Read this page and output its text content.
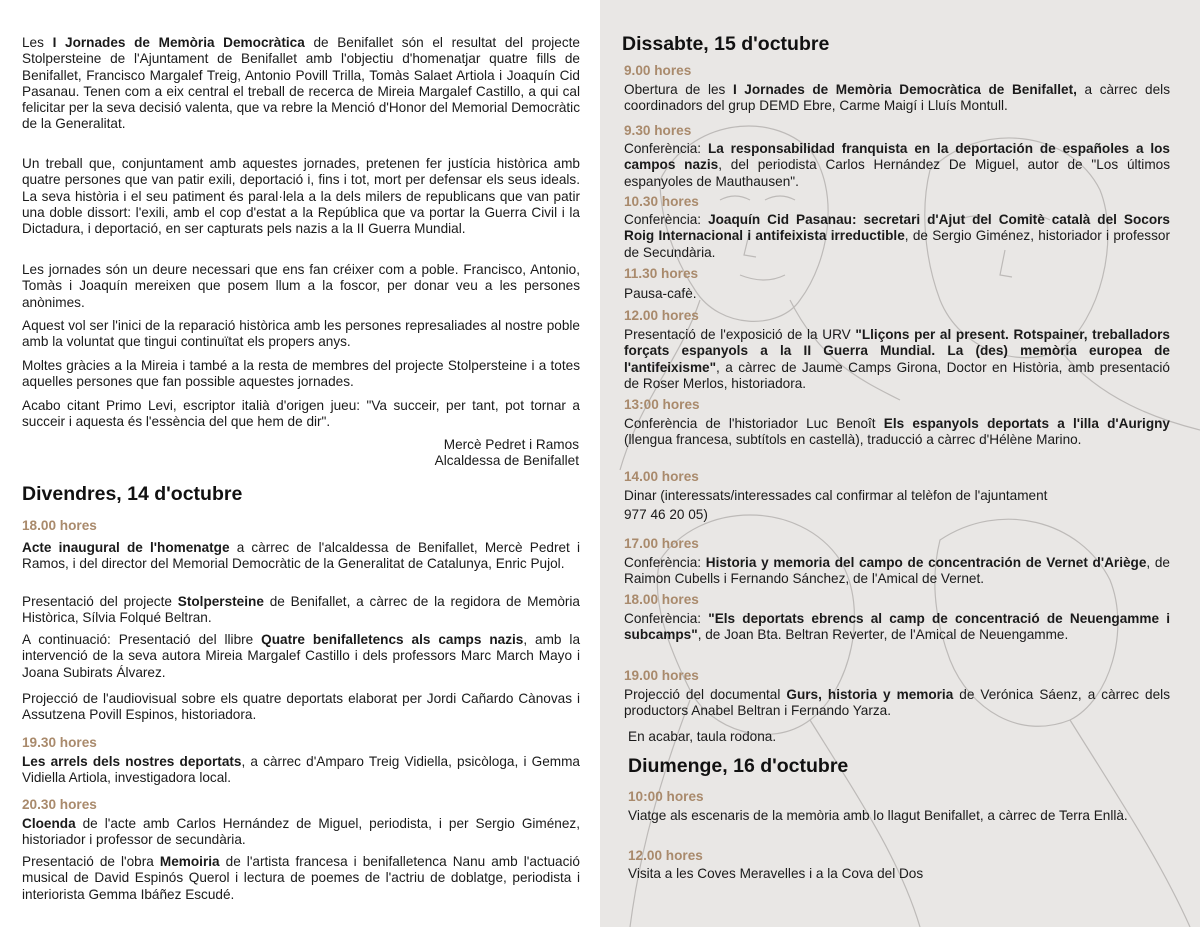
Les I Jornades de Memòria Democràtica de Benifallet són el resultat del projecte Stolpersteine de l'Ajuntament de Benifallet amb l'objectiu d'homenatjar quatre fills de Benifallet, Francisco Margalef Treig, Antonio Povill Trilla, Tomàs Salaet Artiola i Joaquín Cid Pasanau. Tenen com a eix central el treball de recerca de Mireia Margalef Castillo, a qui cal felicitar per la seva decisió valenta, que va rebre la Menció d'Honor del Memorial Democràtic de la Generalitat.
Un treball que, conjuntament amb aquestes jornades, pretenen fer justícia històrica amb quatre persones que van patir exili, deportació i, fins i tot, mort per defensar els seus ideals. La seva història i el seu patiment és paral·lela a la dels milers de republicans que van patir una doble dissort: l'exili, amb el cop d'estat a la República que va portar la Guerra Civil i la Dictadura, i deportació, en ser capturats pels nazis a la II Guerra Mundial.
Les jornades són un deure necessari que ens fan créixer com a poble. Francisco, Antonio, Tomàs i Joaquín mereixen que posem llum a la foscor, per donar veu a les persones anònimes.
Aquest vol ser l'inici de la reparació històrica amb les persones represaliades al nostre poble amb la voluntat que tingui continuïtat els propers anys.
Moltes gràcies a la Mireia i també a la resta de membres del projecte Stolpersteine i a totes aquelles persones que fan possible aquestes jornades.
Acabo citant Primo Levi, escriptor italià d'origen jueu: "Va succeir, per tant, pot tornar a succeir i aquesta és l'essència del que hem de dir".
Mercè Pedret i Ramos
Alcaldessa de Benifallet
Divendres, 14 d'octubre
18.00 hores
Acte inaugural de l'homenatge a càrrec de l'alcaldessa de Benifallet, Mercè Pedret i Ramos, i del director del Memorial Democràtic de la Generalitat de Catalunya, Enric Pujol.
Presentació del projecte Stolpersteine de Benifallet, a càrrec de la regidora de Memòria Històrica, Sílvia Folqué Beltran.
A continuació: Presentació del llibre Quatre benifalletencs als camps nazis, amb la intervenció de la seva autora Mireia Margalef Castillo i dels professors Marc March Mayo i Joana Subirats Álvarez.
Projecció de l'audiovisual sobre els quatre deportats elaborat per Jordi Cañardo Cànovas i Assutzena Povill Espinos, historiadora.
19.30 hores
Les arrels dels nostres deportats, a càrrec d'Amparo Treig Vidiella, psicòloga, i Gemma Vidiella Artiola, investigadora local.
20.30 hores
Cloenda de l'acte amb Carlos Hernández de Miguel, periodista, i per Sergio Giménez, historiador i professor de secundària.
Presentació de l'obra Memoiria de l'artista francesa i benifalletenca Nanu amb l'actuació musical de David Espinós Querol i lectura de poemes de l'actriu de doblatge, periodista i interiorista Gemma Ibáñez Escudé.
Dissabte, 15 d'octubre
9.00 hores
Obertura de les I Jornades de Memòria Democràtica de Benifallet, a càrrec dels coordinadors del grup DEMD Ebre, Carme Maigí i Lluís Montull.
9.30 hores
Conferència: La responsabilidad franquista en la deportación de españoles a los campos nazis, del periodista Carlos Hernández De Miguel, autor de "Los últimos espanyoles de Mauthausen".
10.30 hores
Conferència: Joaquín Cid Pasanau: secretari d'Ajut del Comitè català del Socors Roig Internacional i antifeixista irreductible, de Sergio Giménez, historiador i professor de Secundària.
11.30 hores
Pausa-cafè.
12.00 hores
Presentació de l'exposició de la URV "Lliçons per al present. Rotspainer, treballadors forçats espanyols a la II Guerra Mundial. La (des) memòria europea de l'antifeixisme", a càrrec de Jaume Camps Girona, Doctor en Història, amb presentació de Roser Merlos, historiadora.
13:00 hores
Conferència de l'historiador Luc Benoît Els espanyols deportats a l'illa d'Aurigny (llengua francesa, subtítols en castellà), traducció a càrrec d'Hélène Marino.
14.00 hores
Dinar (interessats/interessades cal confirmar al telèfon de l'ajuntament
977 46 20 05)
17.00 hores
Conferència: Historia y memoria del campo de concentración de Vernet d'Ariège, de Raimon Cubells i Fernando Sánchez, de l'Amical de Vernet.
18.00 hores
Conferència: "Els deportats ebrencs al camp de concentració de Neuengamme i subcamps", de Joan Bta. Beltran Reverter, de l'Amical de Neuengamme.
19.00 hores
Projecció del documental Gurs, historia y memoria de Verónica Sáenz, a càrrec dels productors Anabel Beltran i Fernando Yarza.
En acabar, taula rodona.
Diumenge, 16 d'octubre
10:00 hores
Viatge als escenaris de la memòria amb lo llagut Benifallet, a càrrec de Terra Enllà.
12.00 hores
Visita a les Coves Meravelles i a la Cova del Dos
